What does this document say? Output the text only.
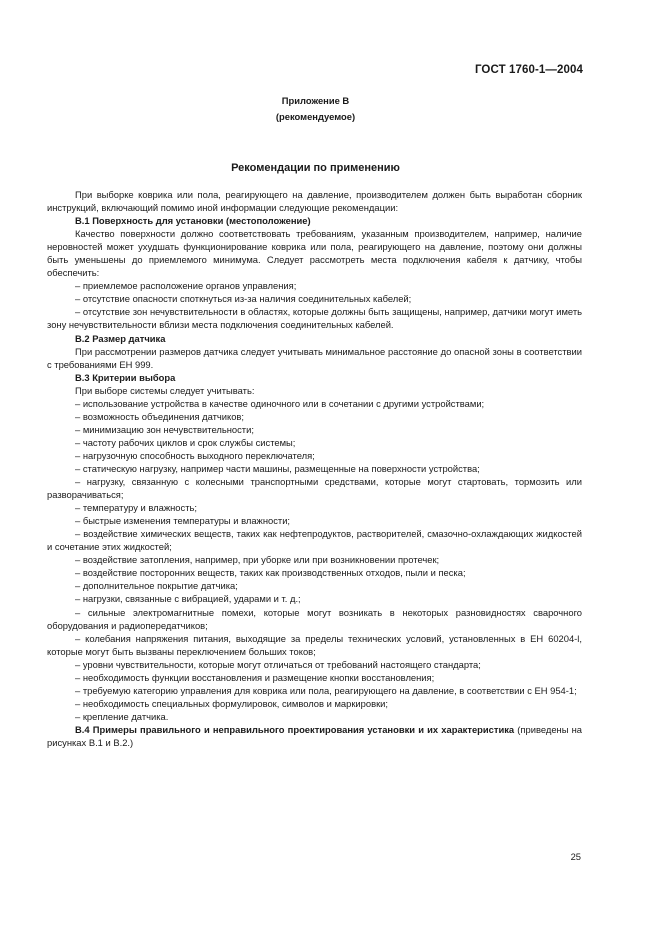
ГОСТ 1760-1—2004
Приложение В
(рекомендуемое)
Рекомендации по применению

При выборке коврика или пола, реагирующего на давление, производителем должен быть выработан сборник инструкций, включающий помимо иной информации следующие рекомендации:

В.1 Поверхность для установки (местоположение)

Качество поверхности должно соответствовать требованиям, указанным производителем, например, наличие неровностей может ухудшать функционирование коврика или пола, реагирующего на давление, поэтому они должны быть уменьшены до приемлемого минимума. Следует рассмотреть места подключения кабеля к датчику, чтобы обеспечить:

– приемлемое расположение органов управления;

– отсутствие опасности споткнуться из-за наличия соединительных кабелей;

– отсутствие зон нечувствительности в областях, которые должны быть защищены, например, датчики могут иметь зону нечувствительности вблизи места подключения соединительных кабелей.

В.2 Размер датчика

При рассмотрении размеров датчика следует учитывать минимальное расстояние до опасной зоны в соответствии с требованиями ЕН 999.

В.3 Критерии выбора

При выборе системы следует учитывать:

– использование устройства в качестве одиночного или в сочетании с другими устройствами;

– возможность объединения датчиков;

– минимизацию зон нечувствительности;

– частоту рабочих циклов и срок службы системы;

– нагрузочную способность выходного переключателя;

– статическую нагрузку, например части машины, размещенные на поверхности устройства;

– нагрузку, связанную с колесными транспортными средствами, которые могут стартовать, тормозить или разворачиваться;

– температуру и влажность;

– быстрые изменения температуры и влажности;

– воздействие химических веществ, таких как нефтепродуктов, растворителей, смазочно-охлаждающих жидкостей и сочетание этих жидкостей;

– воздействие затопления, например, при уборке или при возникновении протечек;

– воздействие посторонних веществ, таких как производственных отходов, пыли и песка;

– дополнительное покрытие датчика;

– нагрузки, связанные с вибрацией, ударами и т. д.;

– сильные электромагнитные помехи, которые могут возникать в некоторых разновидностях сварочного оборудования и радиопередатчиков;

– колебания напряжения питания, выходящие за пределы технических условий, установленных в ЕН 60204-l, которые могут быть вызваны переключением больших токов;

– уровни чувствительности, которые могут отличаться от требований настоящего стандарта;

– необходимость функции восстановления и размещение кнопки восстановления;

– требуемую категорию управления для коврика или пола, реагирующего на давление, в соответствии с ЕН 954-1;

– необходимость специальных формулировок, символов и маркировки;

– крепление датчика.

В.4 Примеры правильного и неправильного проектирования установки и их характеристика (приведены на рисунках В.1 и В.2.)

25
